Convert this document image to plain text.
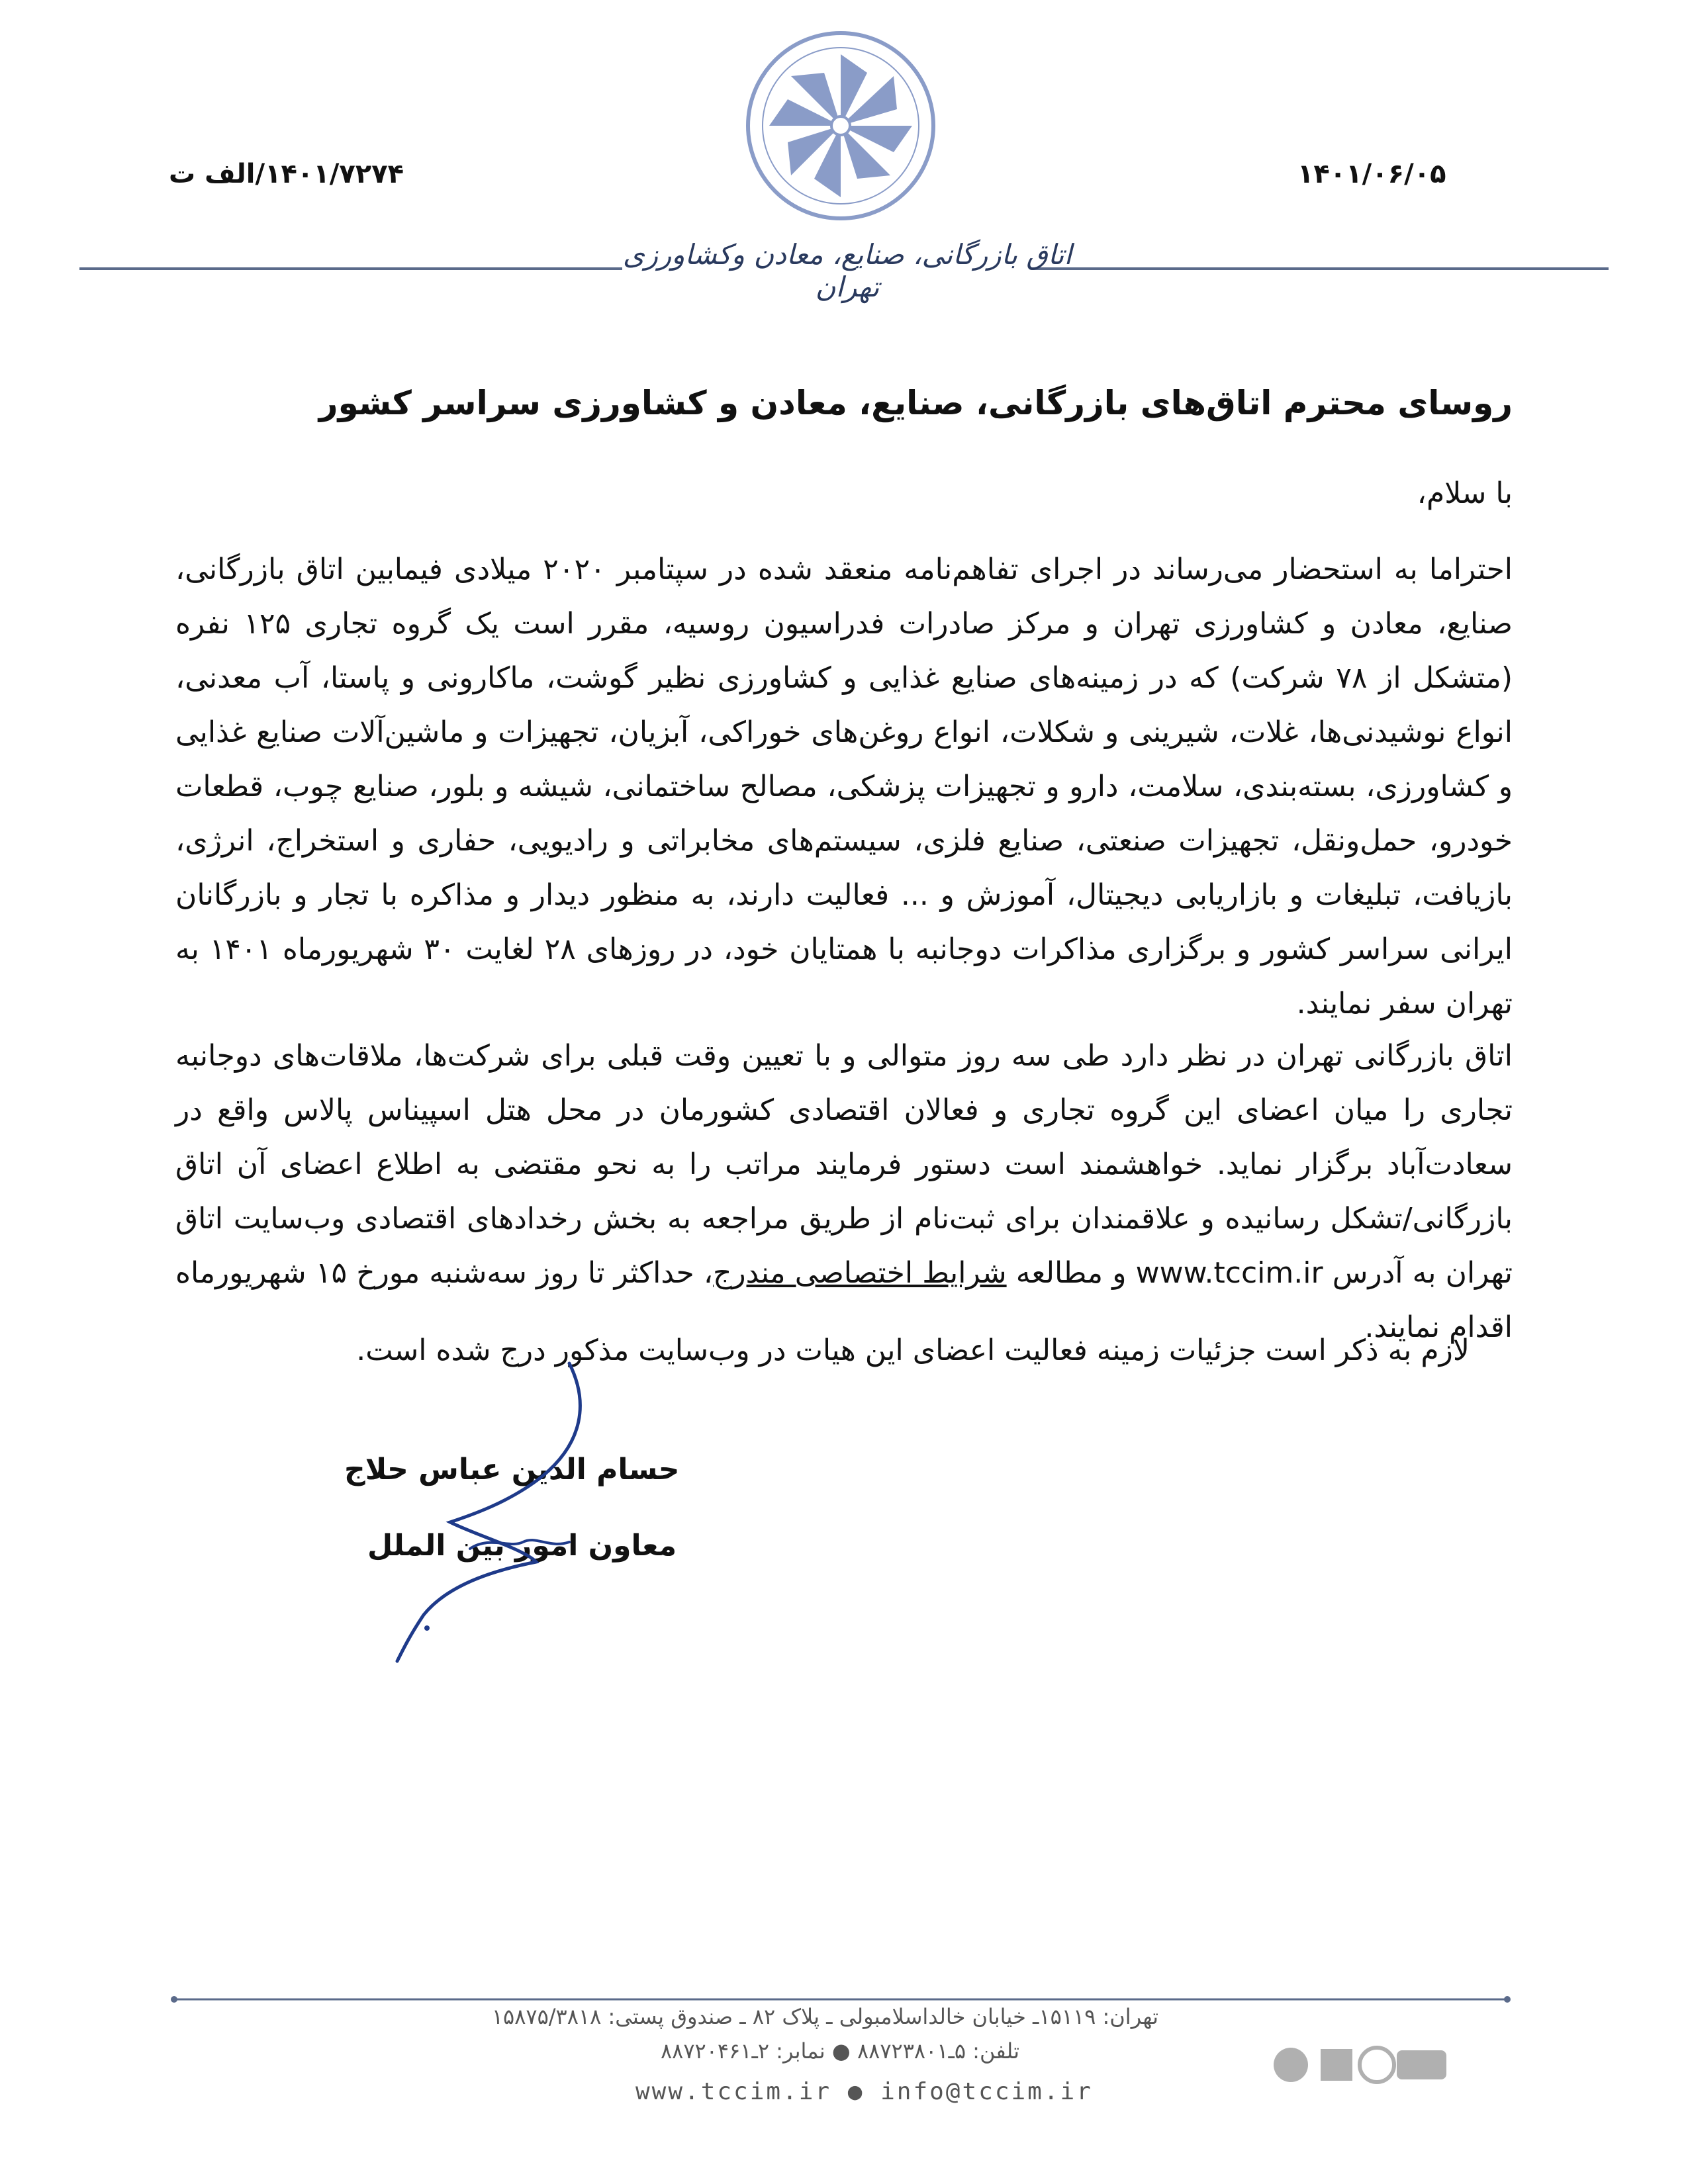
۱۴۰۱/۰۶/۰۵
۱۴۰۱/۷۲۷۴/الف ت
اتاق بازرگانی، صنایع، معادن وکشاورزی تهران
روسای محترم اتاق‌های بازرگانی، صنایع، معادن و کشاورزی سراسر کشور
با سلام،
احتراما به استحضار می‌رساند در اجرای تفاهم‌نامه منعقد شده در سپتامبر ۲۰۲۰ میلادی فیمابین اتاق بازرگانی، صنایع، معادن و کشاورزی تهران و مرکز صادرات فدراسیون روسیه، مقرر است یک گروه تجاری ۱۲۵ نفره (متشکل از ۷۸ شرکت) که در زمینه‌های صنایع غذایی و کشاورزی نظیر گوشت، ماکارونی و پاستا، آب معدنی، انواع نوشیدنی‌ها، غلات، شیرینی و شکلات، انواع روغن‌های خوراکی، آبزیان، تجهیزات و ماشین‌آلات صنایع غذایی و کشاورزی، بسته‌بندی، سلامت، دارو و تجهیزات پزشکی، مصالح ساختمانی، شیشه و بلور، صنایع چوب، قطعات خودرو، حمل‌ونقل، تجهیزات صنعتی، صنایع فلزی، سیستم‌های مخابراتی و رادیویی، حفاری و استخراج، انرژی، بازیافت، تبلیغات و بازاریابی دیجیتال، آموزش و ... فعالیت دارند، به منظور دیدار و مذاکره با تجار و بازرگانان ایرانی سراسر کشور و برگزاری مذاکرات دوجانبه با همتایان خود، در روزهای ۲۸ لغایت ۳۰ شهریورماه ۱۴۰۱ به تهران سفر نمایند.
اتاق بازرگانی تهران در نظر دارد طی سه روز متوالی و با تعیین وقت قبلی برای شرکت‌ها، ملاقات‌های دوجانبه تجاری را میان اعضای این گروه تجاری و فعالان اقتصادی کشورمان در محل هتل اسپیناس پالاس واقع در سعادت‌آباد برگزار نماید. خواهشمند است دستور فرمایند مراتب را به نحو مقتضی به اطلاع اعضای آن اتاق بازرگانی/تشکل رسانیده و علاقمندان برای ثبت‌نام از طریق مراجعه به بخش رخدادهای اقتصادی وب‌سایت اتاق تهران به آدرس www.tccim.ir و مطالعه شرایط اختصاصی مندرج، حداکثر تا روز سه‌شنبه مورخ ۱۵ شهریورماه اقدام نمایند.
لازم به ذکر است جزئیات زمینه فعالیت اعضای این هیات در وب‌سایت مذکور درج شده است.
حسام الدین عباس حلاج
معاون امور بین الملل
تهران: ۱۵۱۱۹ـ خیابان خالداسلامبولی ـ پلاک ۸۲ ـ صندوق پستی: ۱۵۸۷۵/۳۸۱۸
تلفن: ۵ـ۸۸۷۲۳۸۰۱ ● نمابر: ۲ـ۸۸۷۲۰۴۶۱
www.tccim.ir ● info@tccim.ir
